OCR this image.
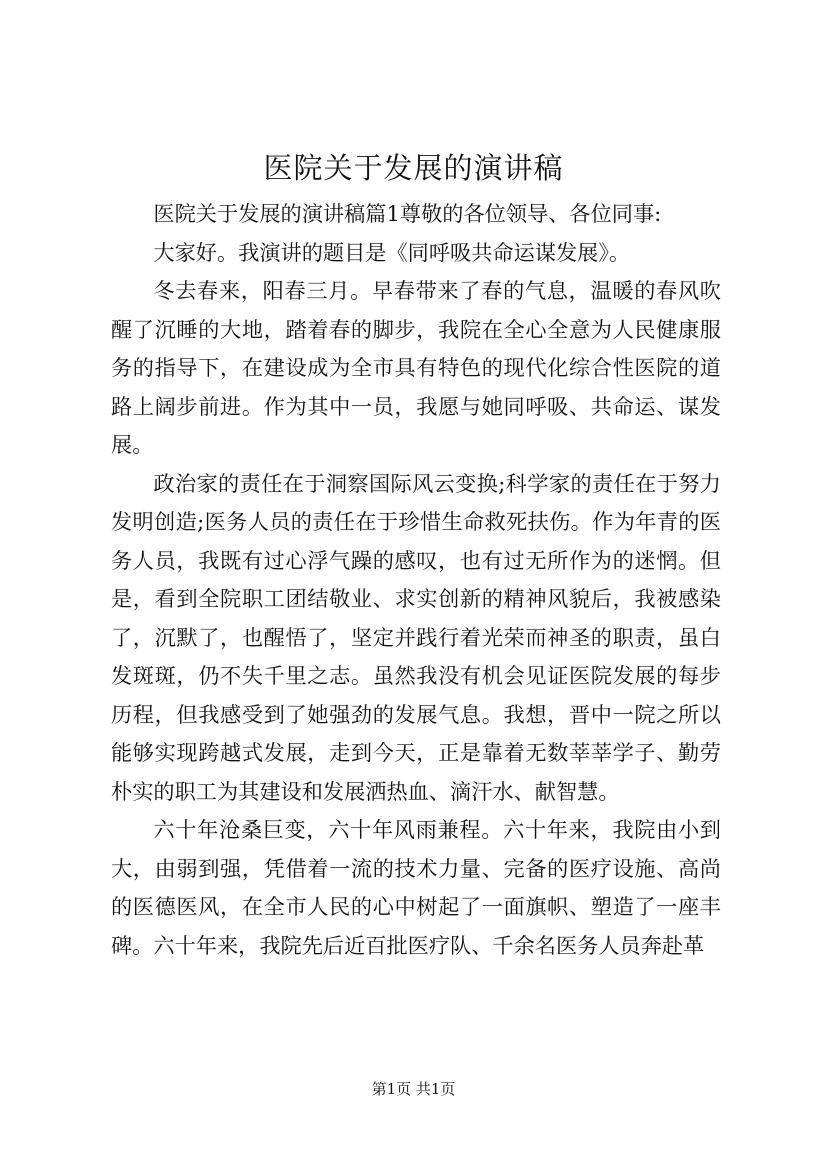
医院关于发展的演讲稿

医院关于发展的演讲稿篇1尊敬的各位领导、各位同事:

大家好。我演讲的题目是《同呼吸共命运谋发展》。

冬去春来，阳春三月。早春带来了春的气息，温暖的春风吹醒了沉睡的大地，踏着春的脚步，我院在全心全意为人民健康服务的指导下，在建设成为全市具有特色的现代化综合性医院的道路上阔步前进。作为其中一员，我愿与她同呼吸、共命运、谋发展。

政治家的责任在于洞察国际风云变换;科学家的责任在于努力发明创造;医务人员的责任在于珍惜生命救死扶伤。作为年青的医务人员，我既有过心浮气躁的感叹，也有过无所作为的迷惘。但是，看到全院职工团结敬业、求实创新的精神风貌后，我被感染了，沉默了，也醒悟了，坚定并践行着光荣而神圣的职责，虽白发斑斑，仍不失千里之志。虽然我没有机会见证医院发展的每步历程，但我感受到了她强劲的发展气息。我想，晋中一院之所以能够实现跨越式发展，走到今天，正是靠着无数莘莘学子、勤劳朴实的职工为其建设和发展洒热血、滴汗水、献智慧。

六十年沧桑巨变，六十年风雨兼程。六十年来，我院由小到大，由弱到强，凭借着一流的技术力量、完备的医疗设施、高尚的医德医风，在全市人民的心中树起了一面旗帜、塑造了一座丰碑。六十年来，我院先后近百批医疗队、千余名医务人员奔赴革

第1页 共1页
